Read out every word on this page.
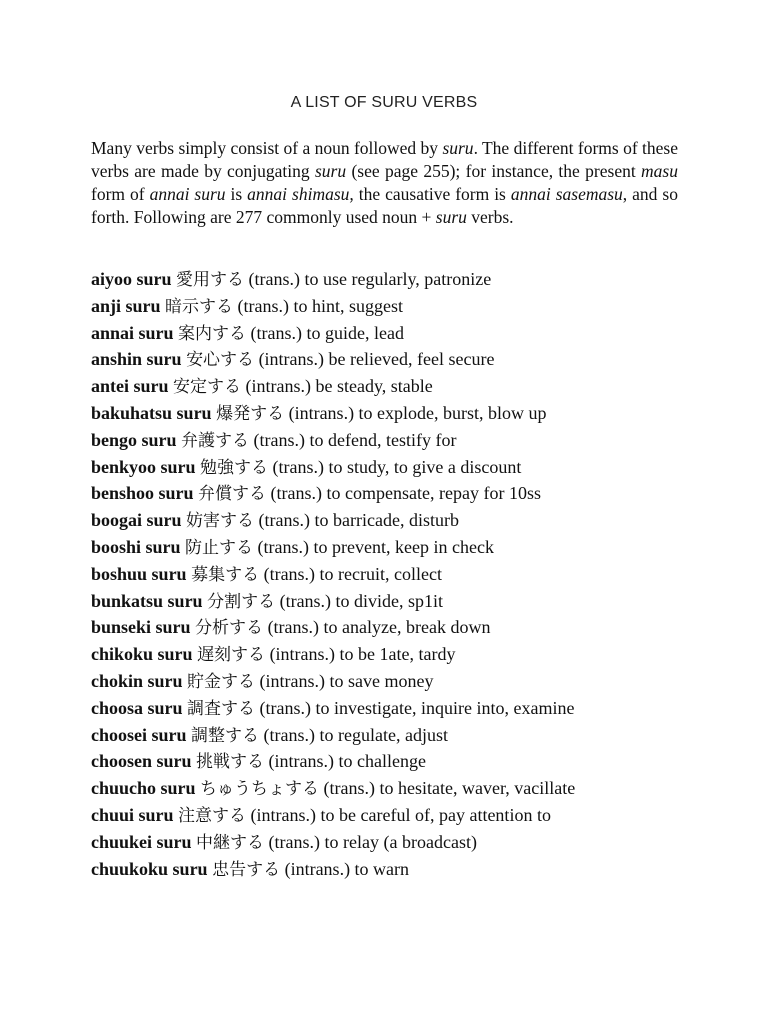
A LIST OF SURU VERBS

Many verbs simply consist of a noun followed by suru. The different forms of these verbs are made by conjugating suru (see page 255); for instance, the present masu form of annai suru is annai shimasu, the causative form is annai sasemasu, and so forth. Following are 277 commonly used noun + suru verbs.

aiyoo suru 愛用する (trans.) to use regularly, patronize
anji suru 暗示する (trans.) to hint, suggest
annai suru 案内する (trans.) to guide, lead
anshin suru 安心する (intrans.) be relieved, feel secure
antei suru 安定する (intrans.) be steady, stable
bakuhatsu suru 爆発する (intrans.) to explode, burst, blow up
bengo suru 弁護する (trans.) to defend, testify for
benkyoo suru 勉強する (trans.) to study, to give a discount
benshoo suru 弁償する (trans.) to compensate, repay for 10ss
boogai suru 妨害する (trans.) to barricade, disturb
booshi suru 防止する (trans.) to prevent, keep in check
boshuu suru 募集する (trans.) to recruit, collect
bunkatsu suru 分割する (trans.) to divide, sp1it
bunseki suru 分析する (trans.) to analyze, break down
chikoku suru 遅刻する (intrans.) to be 1ate, tardy
chokin suru 貯金する (intrans.) to save money
choosa suru 調査する (trans.) to investigate, inquire into, examine
choosei suru 調整する (trans.) to regulate, adjust
choosen suru 挑戦する (intrans.) to challenge
chuucho suru ちゅうちょする (trans.) to hesitate, waver, vacillate
chuui suru 注意する (intrans.) to be careful of, pay attention to
chuukei suru 中継する (trans.) to relay (a broadcast)
chuukoku suru 忠告する (intrans.) to warn
